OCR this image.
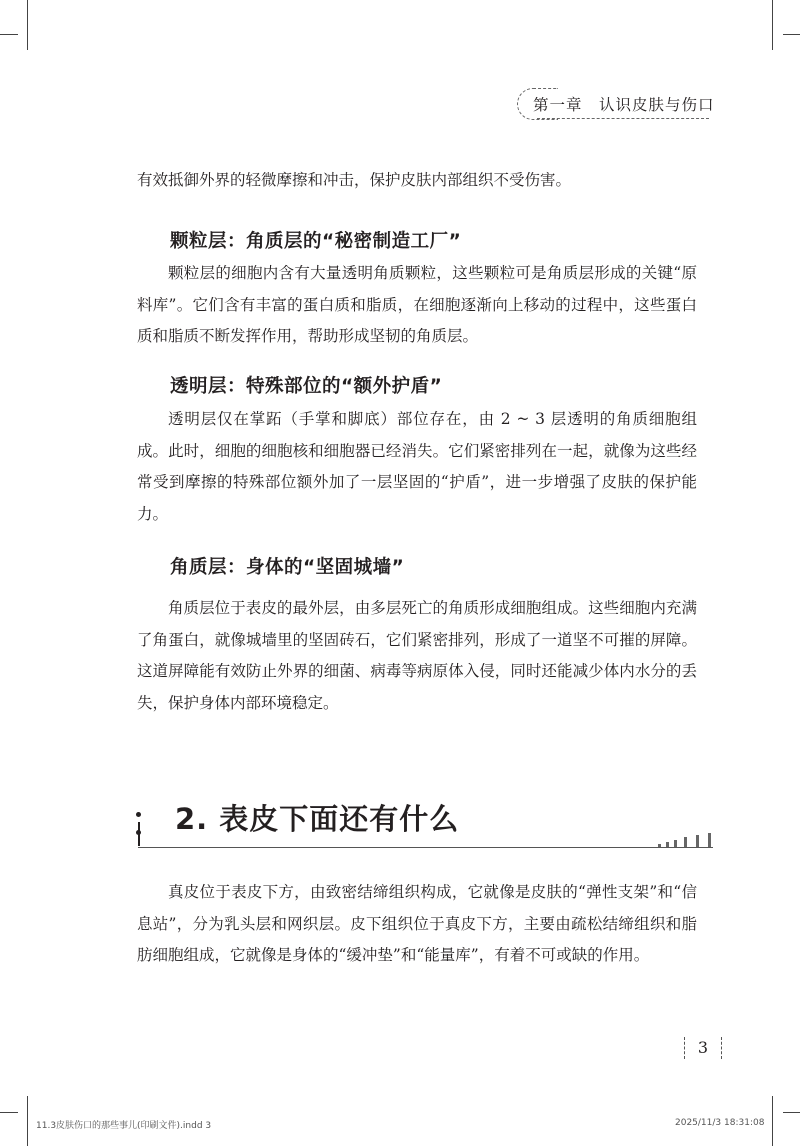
第一章　认识皮肤与伤口

有效抵御外界的轻微摩擦和冲击，保护皮肤内部组织不受伤害。

颗粒层：角质层的“秘密制造工厂”

颗粒层的细胞内含有大量透明角质颗粒，这些颗粒可是角质层形成的关键“原料库”。它们含有丰富的蛋白质和脂质，在细胞逐渐向上移动的过程中，这些蛋白质和脂质不断发挥作用，帮助形成坚韧的角质层。

透明层：特殊部位的“额外护盾”

透明层仅在掌跖（手掌和脚底）部位存在，由 2 ~ 3 层透明的角质细胞组成。此时，细胞的细胞核和细胞器已经消失。它们紧密排列在一起，就像为这些经常受到摩擦的特殊部位额外加了一层坚固的“护盾”，进一步增强了皮肤的保护能力。

角质层：身体的“坚固城墙”

角质层位于表皮的最外层，由多层死亡的角质形成细胞组成。这些细胞内充满了角蛋白，就像城墙里的坚固砖石，它们紧密排列，形成了一道坚不可摧的屏障。这道屏障能有效防止外界的细菌、病毒等病原体入侵，同时还能减少体内水分的丢失，保护身体内部环境稳定。

2. 表皮下面还有什么

真皮位于表皮下方，由致密结缔组织构成，它就像是皮肤的“弹性支架”和“信息站”，分为乳头层和网织层。皮下组织位于真皮下方，主要由疏松结缔组织和脂肪细胞组成，它就像是身体的“缓冲垫”和“能量库”，有着不可或缺的作用。

3
11.3皮肤伤口的那些事儿(印刷文件).indd 3	2025/11/3 18:31:08
